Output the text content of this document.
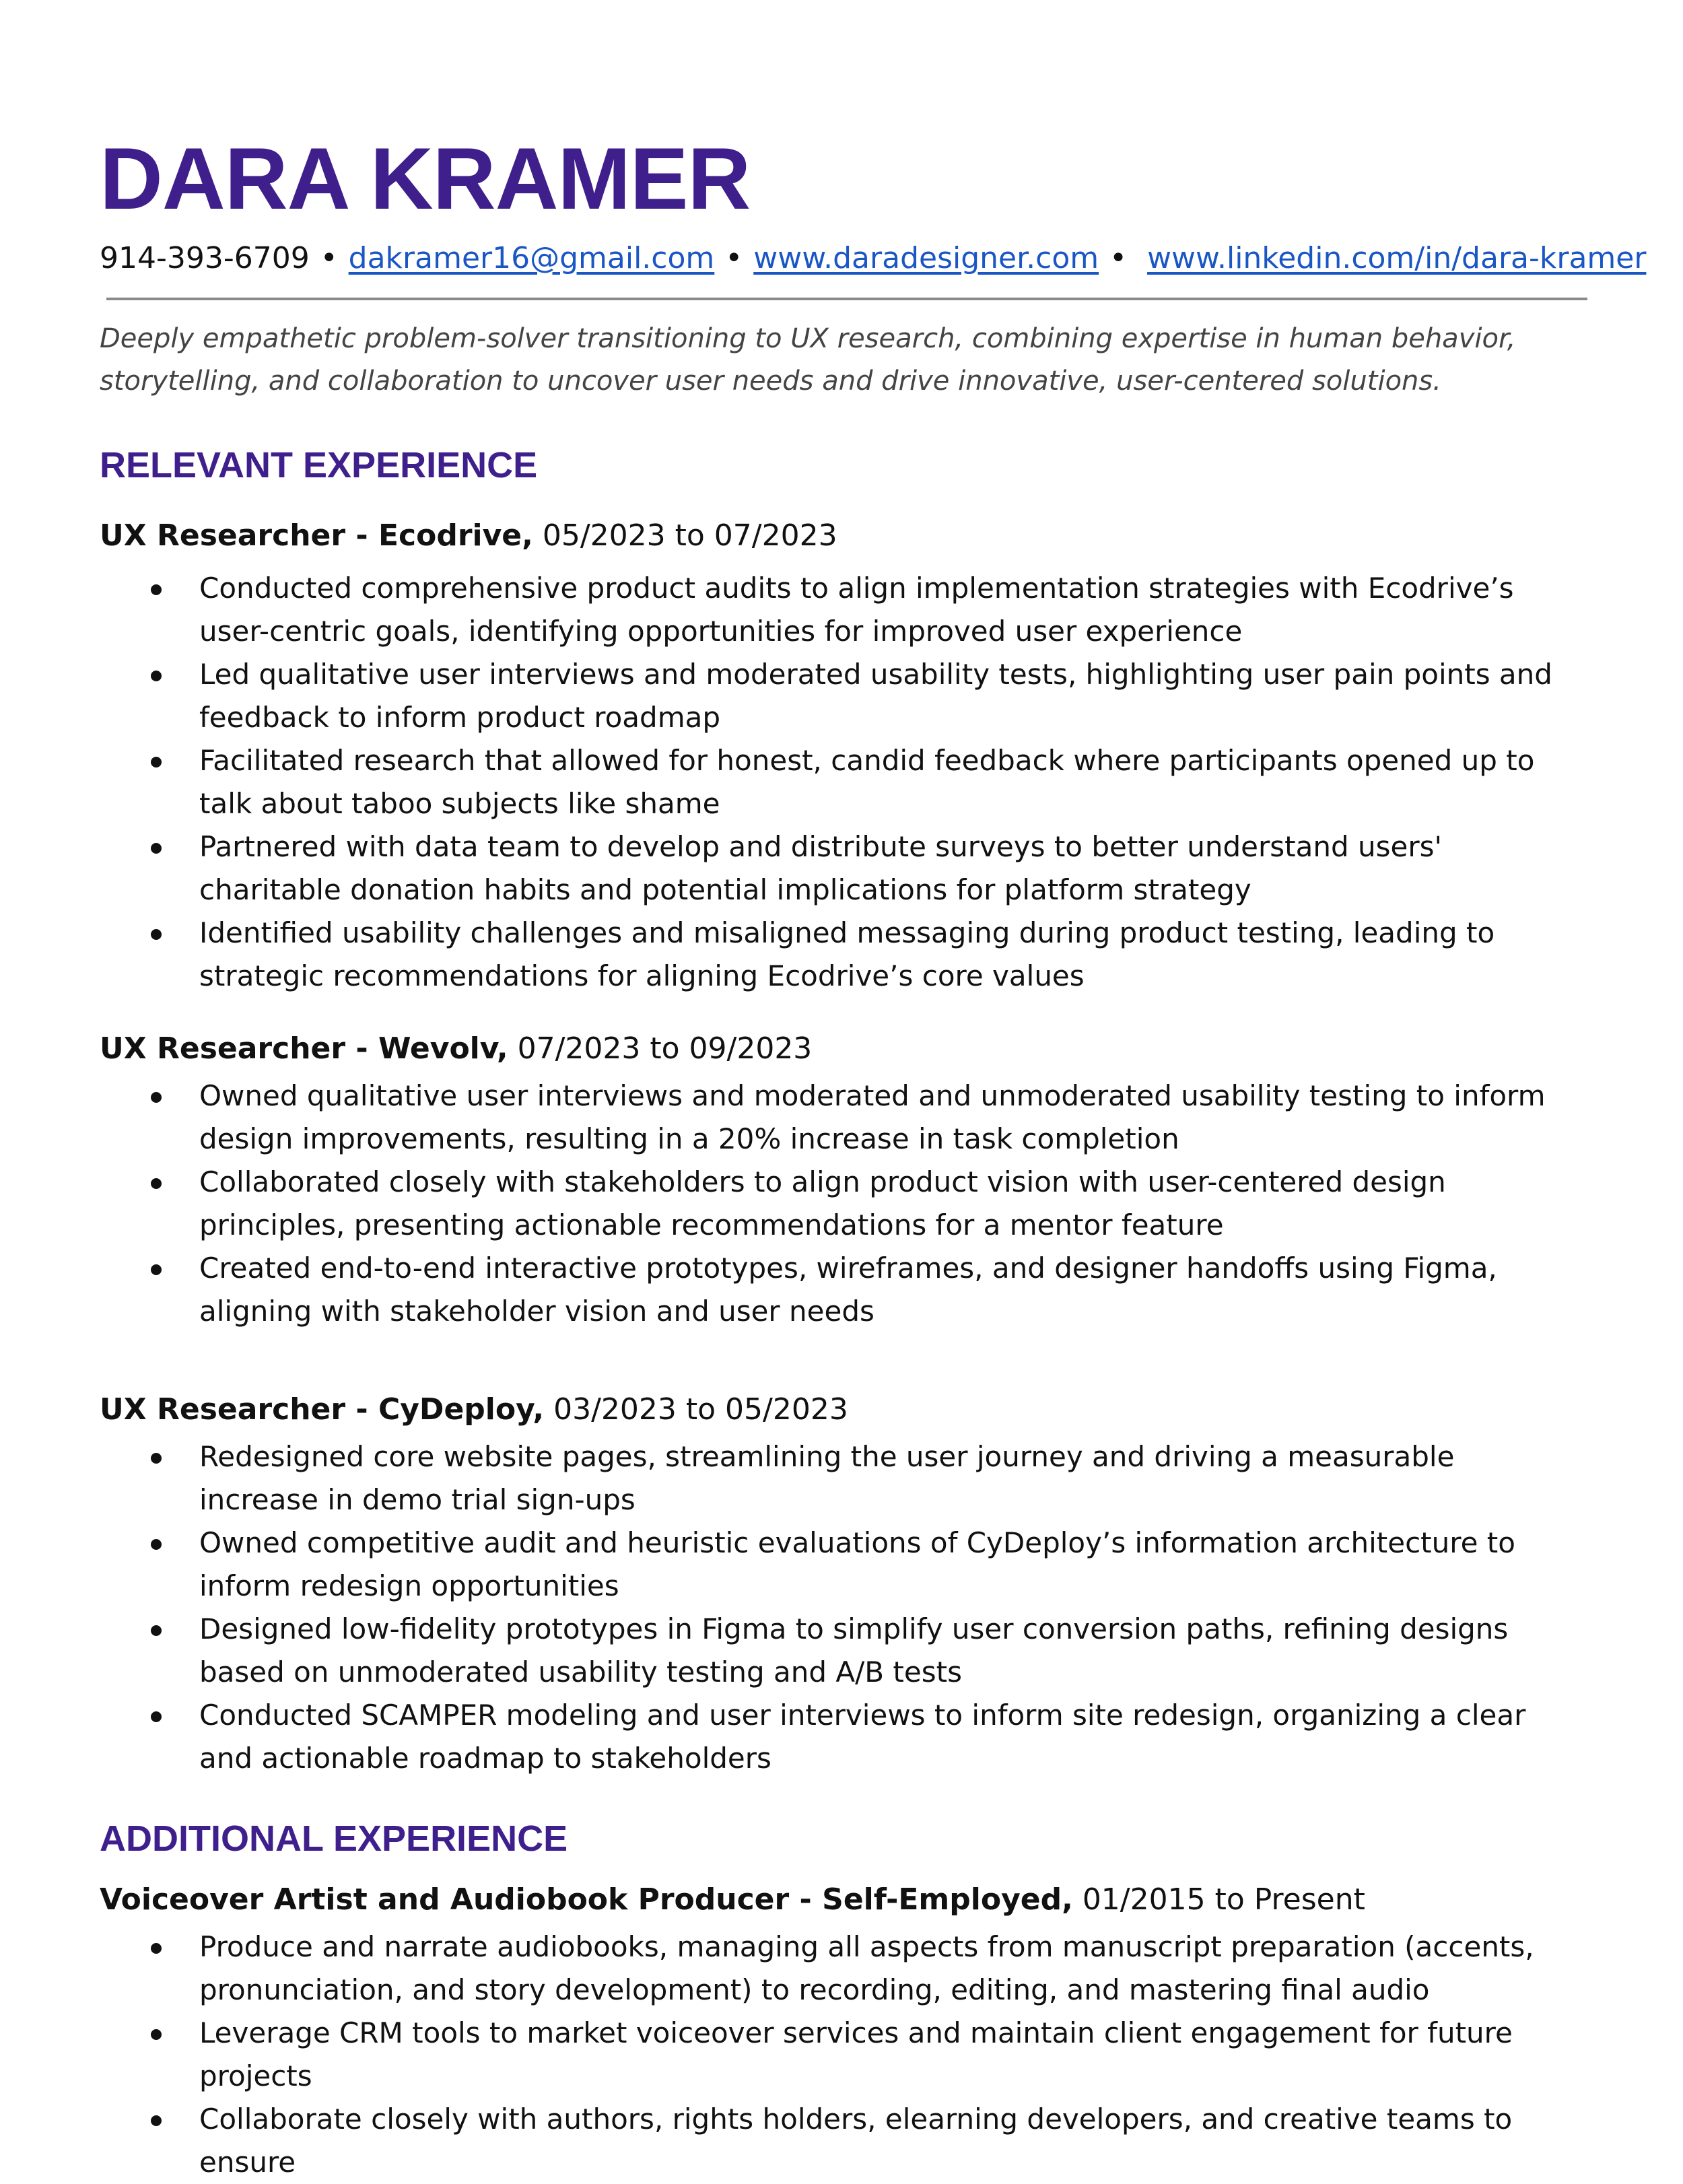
DARA KRAMER
914-393-6709 • dakramer16@gmail.com • www.daradesigner.com • www.linkedin.com/in/dara-kramer

Deeply empathetic problem-solver transitioning to UX research, combining expertise in human behavior, storytelling, and collaboration to uncover user needs and drive innovative, user-centered solutions.

RELEVANT EXPERIENCE

UX Researcher - Ecodrive, 05/2023 to 07/2023

Conducted comprehensive product audits to align implementation strategies with Ecodrive’s user-centric goals, identifying opportunities for improved user experience
Led qualitative user interviews and moderated usability tests, highlighting user pain points and feedback to inform product roadmap
Facilitated research that allowed for honest, candid feedback where participants opened up to talk about taboo subjects like shame
Partnered with data team to develop and distribute surveys to better understand users' charitable donation habits and potential implications for platform strategy
Identified usability challenges and misaligned messaging during product testing, leading to strategic recommendations for aligning Ecodrive’s core values

UX Researcher - Wevolv, 07/2023 to 09/2023

Owned qualitative user interviews and moderated and unmoderated usability testing to inform design improvements, resulting in a 20% increase in task completion
Collaborated closely with stakeholders to align product vision with user-centered design principles, presenting actionable recommendations for a mentor feature
Created end-to-end interactive prototypes, wireframes, and designer handoffs using Figma, aligning with stakeholder vision and user needs

UX Researcher - CyDeploy, 03/2023 to 05/2023

Redesigned core website pages, streamlining the user journey and driving a measurable increase in demo trial sign-ups
Owned competitive audit and heuristic evaluations of CyDeploy’s information architecture to inform redesign opportunities
Designed low-fidelity prototypes in Figma to simplify user conversion paths, refining designs based on unmoderated usability testing and A/B tests
Conducted SCAMPER modeling and user interviews to inform site redesign, organizing a clear and actionable roadmap to stakeholders
ADDITIONAL EXPERIENCE

Voiceover Artist and Audiobook Producer - Self-Employed, 01/2015 to Present

Produce and narrate audiobooks, managing all aspects from manuscript preparation (accents, pronunciation, and story development) to recording, editing, and mastering final audio
Leverage CRM tools to market voiceover services and maintain client engagement for future projects
Collaborate closely with authors, rights holders, elearning developers, and creative teams to ensure
